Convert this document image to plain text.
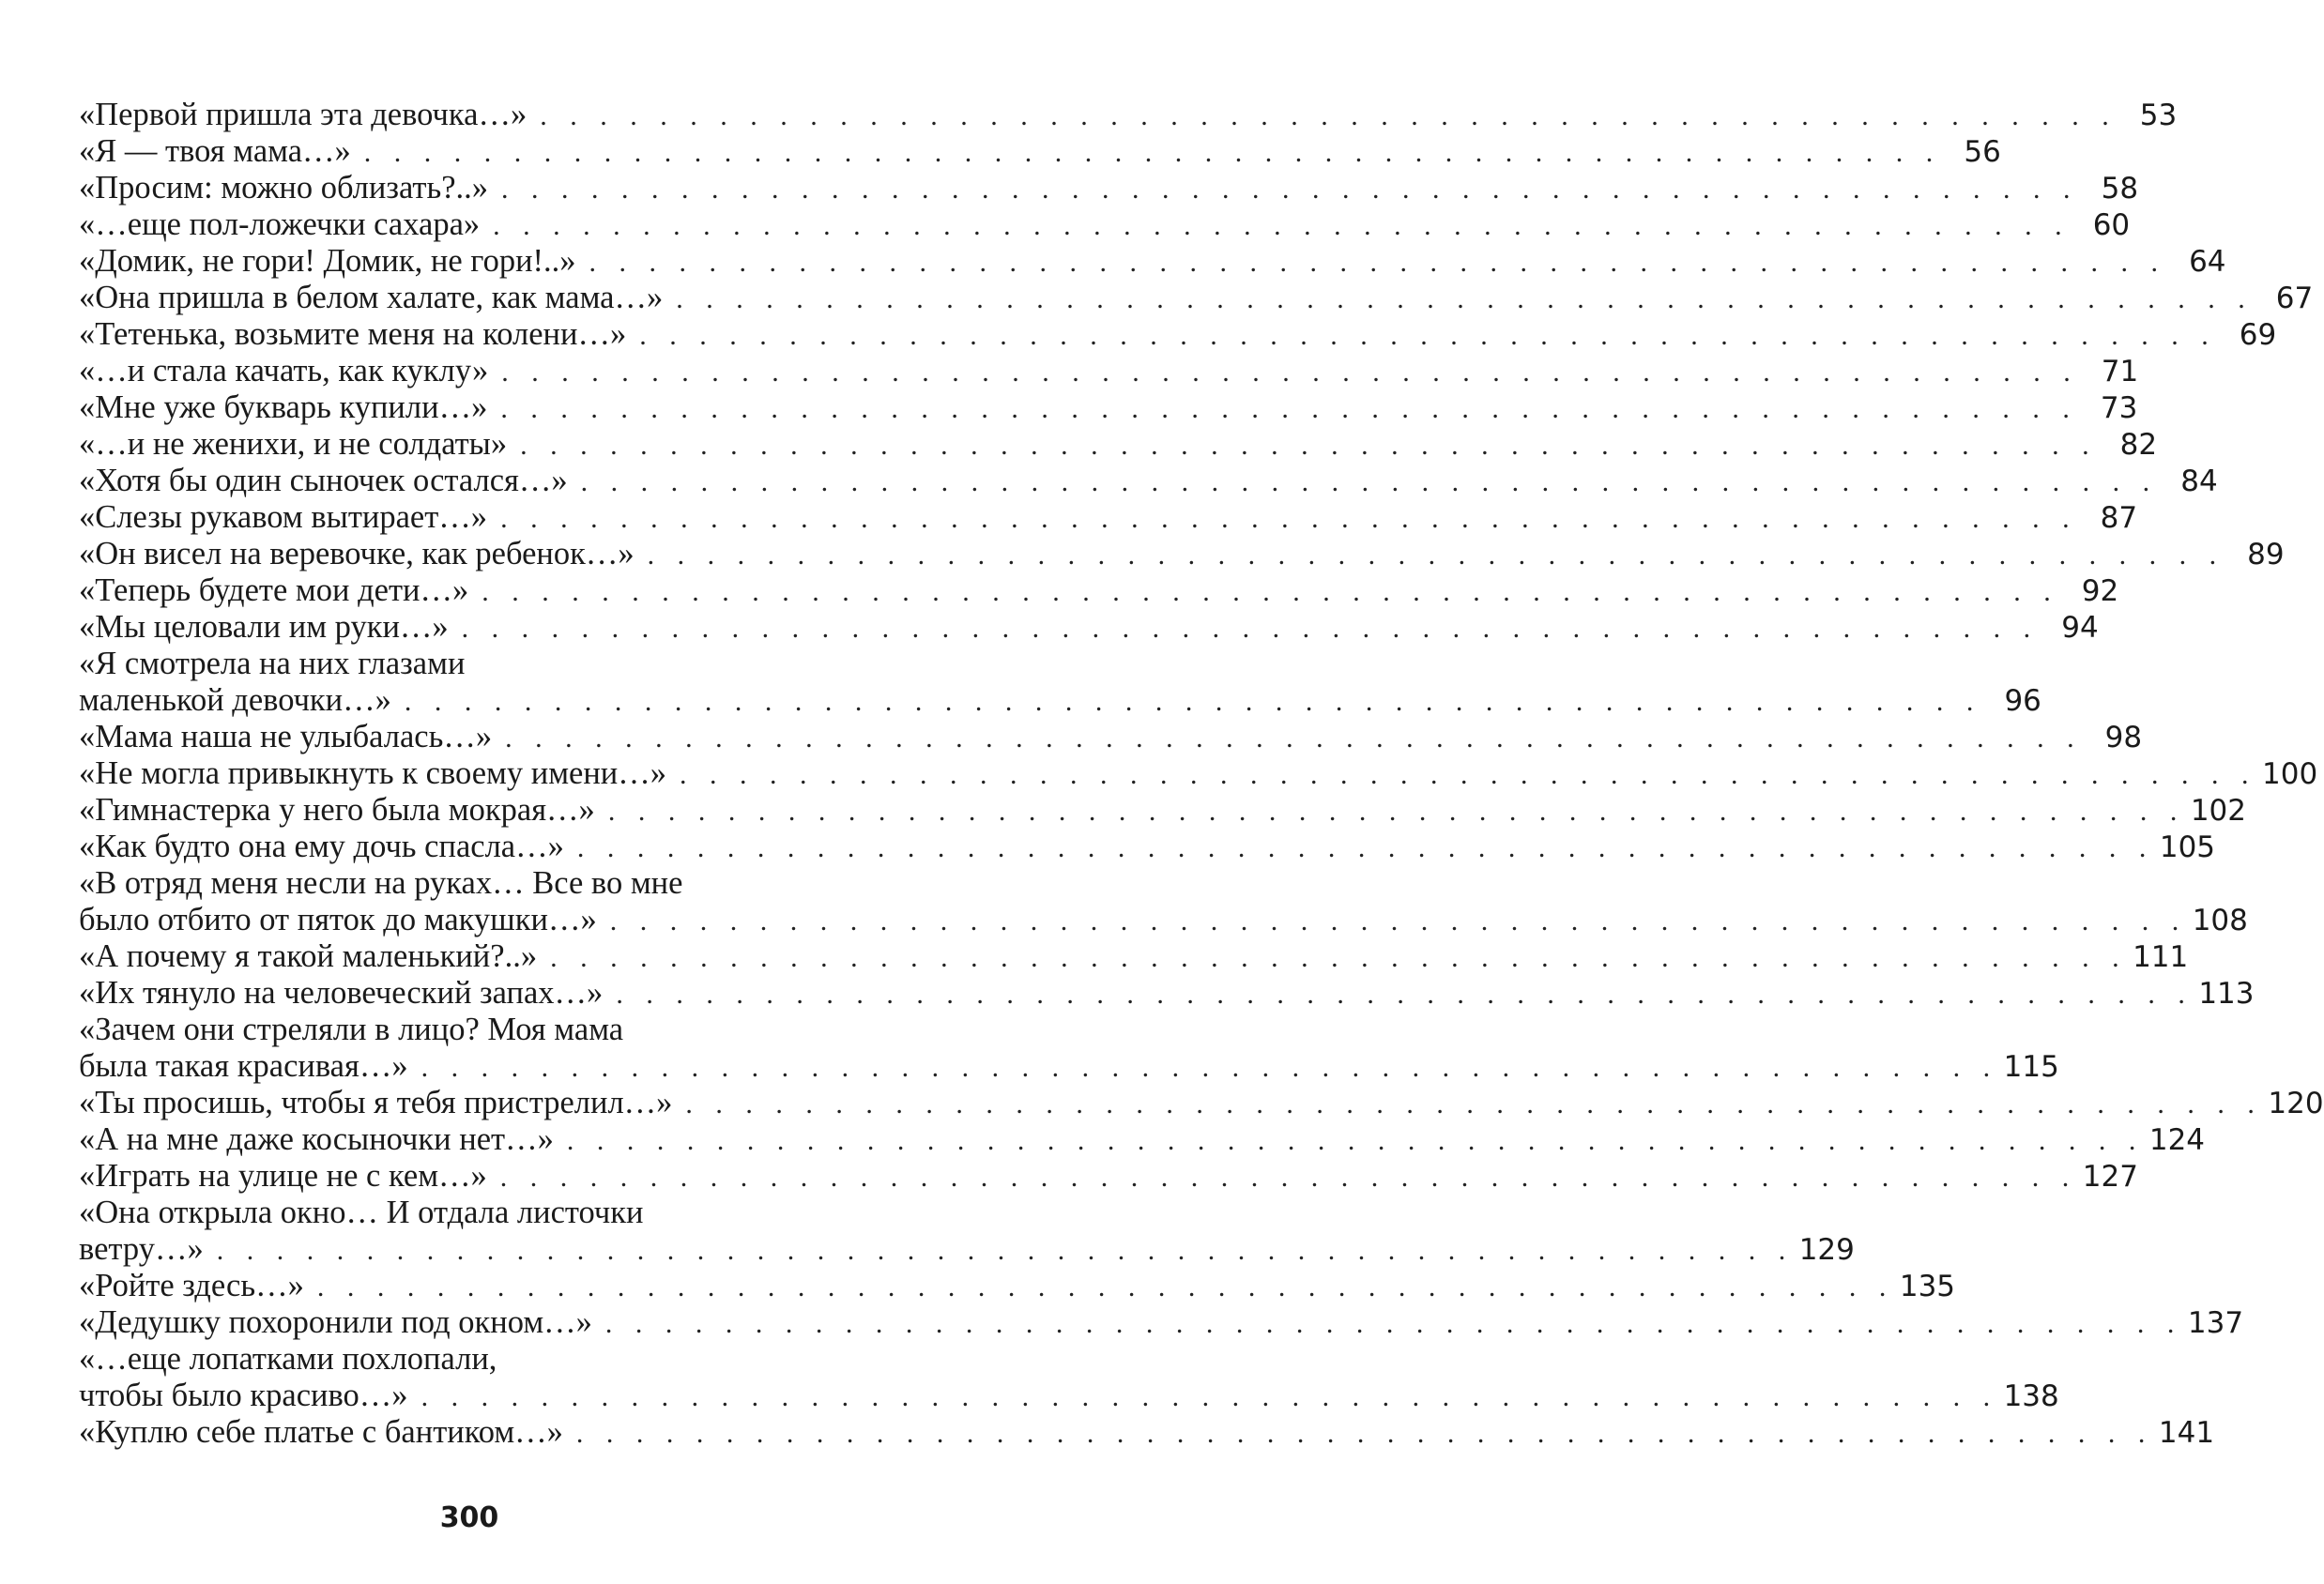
«Первой пришла эта девочка…» . . . . . . . . . . . . . . . . . . . . . . . . . . . . . . . . . . . . . . . . . . . . . . . . . . . . . 53
«Я — твоя мама…» . . . . . . . . . . . . . . . . . . . . . . . . . . . . . . . . . . . . . . . . . . . . . . . . . . . . . 56
«Просим: можно облизать?..» . . . . . . . . . . . . . . . . . . . . . . . . . . . . . . . . . . . . . . . . . . . . . . . . . . . . . 58
«…еще пол-ложечки сахара» . . . . . . . . . . . . . . . . . . . . . . . . . . . . . . . . . . . . . . . . . . . . . . . . . . . . . 60
«Домик, не гори! Домик, не гори!..» . . . . . . . . . . . . . . . . . . . . . . . . . . . . . . . . . . . . . . . . . . . . . . . . . . . . . 64
«Она пришла в белом халате, как мама…» . . . . . . . . . . . . . . . . . . . . . . . . . . . . . . . . . . . . . . . . . . . . . . . . . . . . . 67
«Тетенька, возьмите меня на колени…» . . . . . . . . . . . . . . . . . . . . . . . . . . . . . . . . . . . . . . . . . . . . . . . . . . . . . 69
«…и стала качать, как куклу» . . . . . . . . . . . . . . . . . . . . . . . . . . . . . . . . . . . . . . . . . . . . . . . . . . . . . 71
«Мне уже букварь купили…» . . . . . . . . . . . . . . . . . . . . . . . . . . . . . . . . . . . . . . . . . . . . . . . . . . . . . 73
«…и не женихи, и не солдаты» . . . . . . . . . . . . . . . . . . . . . . . . . . . . . . . . . . . . . . . . . . . . . . . . . . . . . 82
«Хотя бы один сыночек остался…» . . . . . . . . . . . . . . . . . . . . . . . . . . . . . . . . . . . . . . . . . . . . . . . . . . . . . 84
«Слезы рукавом вытирает…» . . . . . . . . . . . . . . . . . . . . . . . . . . . . . . . . . . . . . . . . . . . . . . . . . . . . . 87
«Он висел на веревочке, как ребенок…» . . . . . . . . . . . . . . . . . . . . . . . . . . . . . . . . . . . . . . . . . . . . . . . . . . . . . 89
«Теперь будете мои дети…» . . . . . . . . . . . . . . . . . . . . . . . . . . . . . . . . . . . . . . . . . . . . . . . . . . . . . 92
«Мы целовали им руки…» . . . . . . . . . . . . . . . . . . . . . . . . . . . . . . . . . . . . . . . . . . . . . . . . . . . . . 94
«Я смотрела на них глазами
маленькой девочки…» . . . . . . . . . . . . . . . . . . . . . . . . . . . . . . . . . . . . . . . . . . . . . . . . . . . . . 96
«Мама наша не улыбалась…» . . . . . . . . . . . . . . . . . . . . . . . . . . . . . . . . . . . . . . . . . . . . . . . . . . . . . 98
«Не могла привыкнуть к своему имени…» . . . . . . . . . . . . . . . . . . . . . . . . . . . . . . . . . . . . . . . . . . . . . . . . . . . . . 100
«Гимнастерка у него была мокрая…» . . . . . . . . . . . . . . . . . . . . . . . . . . . . . . . . . . . . . . . . . . . . . . . . . . . . . 102
«Как будто она ему дочь спасла…» . . . . . . . . . . . . . . . . . . . . . . . . . . . . . . . . . . . . . . . . . . . . . . . . . . . . . 105
«В отряд меня несли на руках… Все во мне
было отбито от пяток до макушки…» . . . . . . . . . . . . . . . . . . . . . . . . . . . . . . . . . . . . . . . . . . . . . . . . . . . . . 108
«А почему я такой маленький?..» . . . . . . . . . . . . . . . . . . . . . . . . . . . . . . . . . . . . . . . . . . . . . . . . . . . . . 111
«Их тянуло на человеческий запах…» . . . . . . . . . . . . . . . . . . . . . . . . . . . . . . . . . . . . . . . . . . . . . . . . . . . . . 113
«Зачем они стреляли в лицо? Моя мама
была такая красивая…» . . . . . . . . . . . . . . . . . . . . . . . . . . . . . . . . . . . . . . . . . . . . . . . . . . . . . 115
«Ты просишь, чтобы я тебя пристрелил…» . . . . . . . . . . . . . . . . . . . . . . . . . . . . . . . . . . . . . . . . . . . . . . . . . . . . . 120
«А на мне даже косыночки нет…» . . . . . . . . . . . . . . . . . . . . . . . . . . . . . . . . . . . . . . . . . . . . . . . . . . . . . 124
«Играть на улице не с кем…» . . . . . . . . . . . . . . . . . . . . . . . . . . . . . . . . . . . . . . . . . . . . . . . . . . . . . 127
«Она открыла окно… И отдала листочки
ветру…» . . . . . . . . . . . . . . . . . . . . . . . . . . . . . . . . . . . . . . . . . . . . . . . . . . . . . 129
«Ройте здесь…» . . . . . . . . . . . . . . . . . . . . . . . . . . . . . . . . . . . . . . . . . . . . . . . . . . . . . 135
«Дедушку похоронили под окном…» . . . . . . . . . . . . . . . . . . . . . . . . . . . . . . . . . . . . . . . . . . . . . . . . . . . . . 137
«…еще лопатками похлопали,
чтобы было красиво…» . . . . . . . . . . . . . . . . . . . . . . . . . . . . . . . . . . . . . . . . . . . . . . . . . . . . . 138
«Куплю себе платье с бантиком…» . . . . . . . . . . . . . . . . . . . . . . . . . . . . . . . . . . . . . . . . . . . . . . . . . . . . . 141
300
